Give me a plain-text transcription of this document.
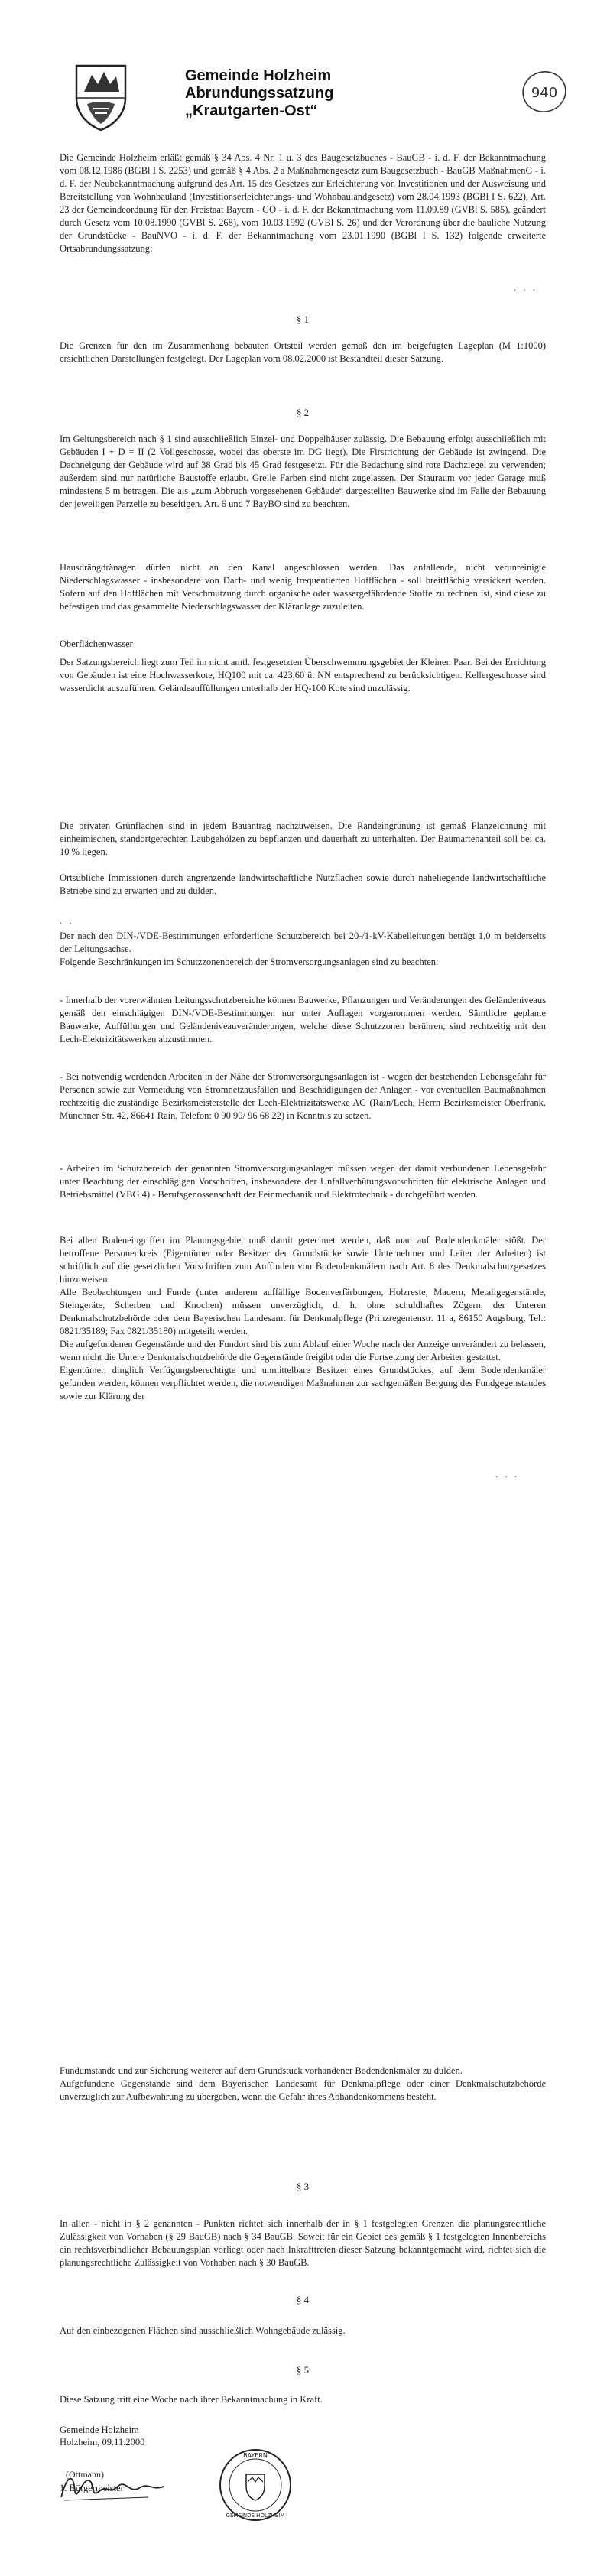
Gemeinde Holzheim
Abrundungssatzung
„Krautgarten-Ost“
940
Die Gemeinde Holzheim erläßt gemäß § 34 Abs. 4 Nr. 1 u. 3 des Baugesetzbuches - BauGB - i. d. F. der Bekanntmachung vom 08.12.1986 (BGBl I S. 2253) und gemäß § 4 Abs. 2 a Maßnahmengesetz zum Baugesetzbuch - BauGB MaßnahmenG - i. d. F. der Neubekanntmachung aufgrund des Art. 15 des Gesetzes zur Erleichterung von Investitionen und der Ausweisung und Bereitstellung von Wohnbauland (Investitionserleichterungs- und Wohnbaulandgesetz) vom 28.04.1993 (BGBl I S. 622), Art. 23 der Gemeindeordnung für den Freistaat Bayern - GO - i. d. F. der Bekanntmachung vom 11.09.89 (GVBl S. 585), geändert durch Gesetz vom 10.08.1990 (GVBl S. 268), vom 10.03.1992 (GVBl S. 26) und der Verordnung über die bauliche Nutzung der Grundstücke - BauNVO - i. d. F. der Bekanntmachung vom 23.01.1990 (BGBl I S. 132) folgende erweiterte Ortsabrundungssatzung:
. . .
§ 1
Die Grenzen für den im Zusammenhang bebauten Ortsteil werden gemäß den im beigefügten Lageplan (M 1:1000) ersichtlichen Darstellungen festgelegt. Der Lageplan vom 08.02.2000 ist Bestandteil dieser Satzung.
§ 2
Im Geltungsbereich nach § 1 sind ausschließlich Einzel- und Doppelhäuser zulässig. Die Bebauung erfolgt ausschließlich mit Gebäuden I + D = II (2 Vollgeschosse, wobei das oberste im DG liegt). Die Firstrichtung der Gebäude ist zwingend. Die Dachneigung der Gebäude wird auf 38 Grad bis 45 Grad festgesetzt. Für die Bedachung sind rote Dachziegel zu verwenden; außerdem sind nur natürliche Baustoffe erlaubt. Grelle Farben sind nicht zugelassen. Der Stauraum vor jeder Garage muß mindestens 5 m betragen. Die als „zum Abbruch vorgesehenen Gebäude“ dargestellten Bauwerke sind im Falle der Bebauung der jeweiligen Parzelle zu beseitigen. Art. 6 und 7 BayBO sind zu beachten.
Hausdrängdränagen dürfen nicht an den Kanal angeschlossen werden. Das anfallende, nicht verunreinigte Niederschlagswasser - insbesondere von Dach- und wenig frequentierten Hofflächen - soll breitflächig versickert werden. Sofern auf den Hofflächen mit Verschmutzung durch organische oder wassergefährdende Stoffe zu rechnen ist, sind diese zu befestigen und das gesammelte Niederschlagswasser der Kläranlage zuzuleiten.
Oberflächenwasser
Der Satzungsbereich liegt zum Teil im nicht amtl. festgesetzten Überschwemmungsgebiet der Kleinen Paar. Bei der Errichtung von Gebäuden ist eine Hochwasserkote, HQ100 mit ca. 423,60 ü. NN entsprechend zu berücksichtigen. Kellergeschosse sind wasserdicht auszuführen. Geländeauffüllungen unterhalb der HQ-100 Kote sind unzulässig.
Die privaten Grünflächen sind in jedem Bauantrag nachzuweisen. Die Randeingrünung ist gemäß Planzeichnung mit einheimischen, standortgerechten Laubgehölzen zu bepflanzen und dauerhaft zu unterhalten. Der Baumartenanteil soll bei ca. 10 % liegen.
Ortsübliche Immissionen durch angrenzende landwirtschaftliche Nutzflächen sowie durch naheliegende landwirtschaftliche Betriebe sind zu erwarten und zu dulden.
. .
Der nach den DIN-/VDE-Bestimmungen erforderliche Schutzbereich bei 20-/1-kV-Kabelleitungen beträgt 1,0 m beiderseits der Leitungsachse.
Folgende Beschränkungen im Schutzzonenbereich der Stromversorgungsanlagen sind zu beachten:
- Innerhalb der vorerwähnten Leitungsschutzbereiche können Bauwerke, Pflanzungen und Veränderungen des Geländeniveaus gemäß den einschlägigen DIN-/VDE-Bestimmungen nur unter Auflagen vorgenommen werden. Sämtliche geplante Bauwerke, Auffüllungen und Geländeniveauveränderungen, welche diese Schutzzonen berühren, sind rechtzeitig mit den Lech-Elektrizitätswerken abzustimmen.
- Bei notwendig werdenden Arbeiten in der Nähe der Stromversorgungsanlagen ist - wegen der bestehenden Lebensgefahr für Personen sowie zur Vermeidung von Stromnetzausfällen und Beschädigungen der Anlagen - vor eventuellen Baumaßnahmen rechtzeitig die zuständige Bezirksmeisterstelle der Lech-Elektrizitätswerke AG (Rain/Lech, Herrn Bezirksmeister Oberfrank, Münchner Str. 42, 86641 Rain, Telefon: 0 90 90/ 96 68 22) in Kenntnis zu setzen.
- Arbeiten im Schutzbereich der genannten Stromversorgungsanlagen müssen wegen der damit verbundenen Lebensgefahr unter Beachtung der einschlägigen Vorschriften, insbesondere der Unfallverhütungsvorschriften für elektrische Anlagen und Betriebsmittel (VBG 4) - Berufsgenossenschaft der Feinmechanik und Elektrotechnik - durchgeführt werden.
Bei allen Bodeneingriffen im Planungsgebiet muß damit gerechnet werden, daß man auf Bodendenkmäler stößt. Der betroffene Personenkreis (Eigentümer oder Besitzer der Grundstücke sowie Unternehmer und Leiter der Arbeiten) ist schriftlich auf die gesetzlichen Vorschriften zum Auffinden von Bodendenkmälern nach Art. 8 des Denkmalschutzgesetzes hinzuweisen:
Alle Beobachtungen und Funde (unter anderem auffällige Bodenverfärbungen, Holzreste, Mauern, Metallgegenstände, Steingeräte, Scherben und Knochen) müssen unverzüglich, d. h. ohne schuldhaftes Zögern, der Unteren Denkmalschutzbehörde oder dem Bayerischen Landesamt für Denkmalpflege (Prinzregentenstr. 11 a, 86150 Augsburg, Tel.: 0821/35189; Fax 0821/35180) mitgeteilt werden.
Die aufgefundenen Gegenstände und der Fundort sind bis zum Ablauf einer Woche nach der Anzeige unverändert zu belassen, wenn nicht die Untere Denkmalschutzbehörde die Gegenstände freigibt oder die Fortsetzung der Arbeiten gestattet.
Eigentümer, dinglich Verfügungsberechtigte und unmittelbare Besitzer eines Grundstückes, auf dem Bodendenkmäler gefunden werden, können verpflichtet werden, die notwendigen Maßnahmen zur sachgemäßen Bergung des Fundgegenstandes sowie zur Klärung der
. . .
Fundumstände und zur Sicherung weiterer auf dem Grundstück vorhandener Bodendenkmäler zu dulden.
Aufgefundene Gegenstände sind dem Bayerischen Landesamt für Denkmalpflege oder einer Denkmalschutzbehörde unverzüglich zur Aufbewahrung zu übergeben, wenn die Gefahr ihres Abhandenkommens besteht.
§ 3
In allen - nicht in § 2 genannten - Punkten richtet sich innerhalb der in § 1 festgelegten Grenzen die planungsrechtliche Zulässigkeit von Vorhaben (§ 29 BauGB) nach § 34 BauGB. Soweit für ein Gebiet des gemäß § 1 festgelegten Innenbereichs ein rechtsverbindlicher Bebauungsplan vorliegt oder nach Inkrafttreten dieser Satzung bekanntgemacht wird, richtet sich die planungsrechtliche Zulässigkeit von Vorhaben nach § 30 BauGB.
§ 4
Auf den einbezogenen Flächen sind ausschließlich Wohngebäude zulässig.
§ 5
Diese Satzung tritt eine Woche nach ihrer Bekanntmachung in Kraft.
Gemeinde Holzheim
Holzheim, 09.11.2000
(Ottmann)
1. Bürgermeister
BAYERN
GEMEINDE HOLZHEIM
